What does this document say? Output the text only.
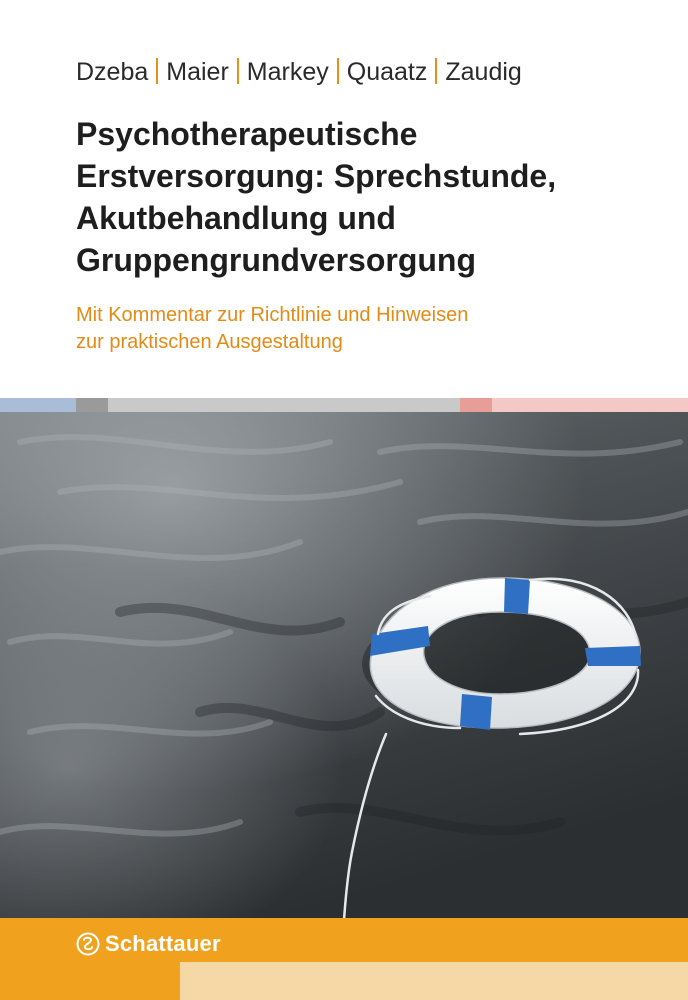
Dzeba Maier Markey Quaatz Zaudig
Psychotherapeutische
Erstversorgung: Sprechstunde,
Akutbehandlung und
Gruppengrundversorgung

Mit Kommentar zur Richtlinie und Hinweisen
zur praktischen Ausgestaltung

Schattauer
